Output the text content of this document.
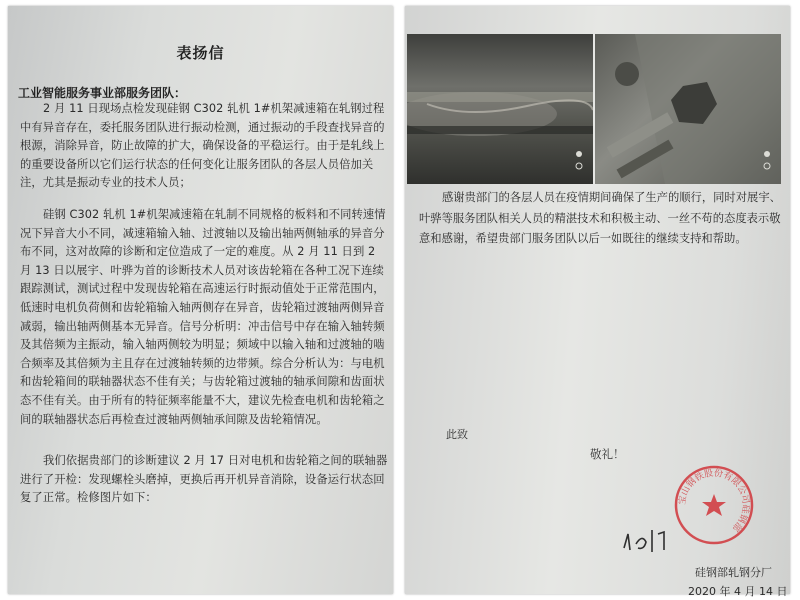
表扬信
工业智能服务事业部服务团队：
2 月 11 日现场点检发现硅钢 C302 轧机 1#机架减速箱在轧钢过程中有异音存在，委托服务团队进行振动检测，通过振动的手段查找异音的根源，消除异音，防止故障的扩大，确保设备的平稳运行。由于是轧线上的重要设备所以它们运行状态的任何变化让服务团队的各层人员倍加关注，尤其是振动专业的技术人员；
硅钢 C302 轧机 1#机架减速箱在轧制不同规格的板料和不同转速情况下异音大小不同，减速箱输入轴、过渡轴以及输出轴两侧轴承的异音分布不同，这对故障的诊断和定位造成了一定的难度。从 2 月 11 日到 2 月 13 日以展宇、叶骅为首的诊断技术人员对该齿轮箱在各种工况下连续跟踪测试，测试过程中发现齿轮箱在高速运行时振动值处于正常范围内，低速时电机负荷侧和齿轮箱输入轴两侧存在异音，齿轮箱过渡轴两侧异音减弱，输出轴两侧基本无异音。信号分析明：冲击信号中存在输入轴转频及其倍频为主振动，输入轴两侧较为明显；频域中以输入轴和过渡轴的啮合频率及其倍频为主且存在过渡轴转频的边带频。综合分析认为：与电机和齿轮箱间的联轴器状态不佳有关；与齿轮箱过渡轴的轴承间隙和齿面状态不佳有关。由于所有的特征频率能量不大，建议先检查电机和齿轮箱之间的联轴器状态后再检查过渡轴两侧轴承间隙及齿轮箱情况。
我们依据贵部门的诊断建议 2 月 17 日对电机和齿轮箱之间的联轴器进行了开检：发现螺栓头磨掉，更换后再开机异音消除，设备运行状态回复了正常。检修图片如下：
感谢贵部门的各层人员在疫情期间确保了生产的顺行，同时对展宇、叶骅等服务团队相关人员的精湛技术和积极主动、一丝不苟的态度表示敬意和感谢，希望贵部门服务团队以后一如既往的继续支持和帮助。
此致
敬礼！
宝山钢铁股份有限公司硅钢部
硅钢部轧钢分厂
2020 年 4 月 14 日
